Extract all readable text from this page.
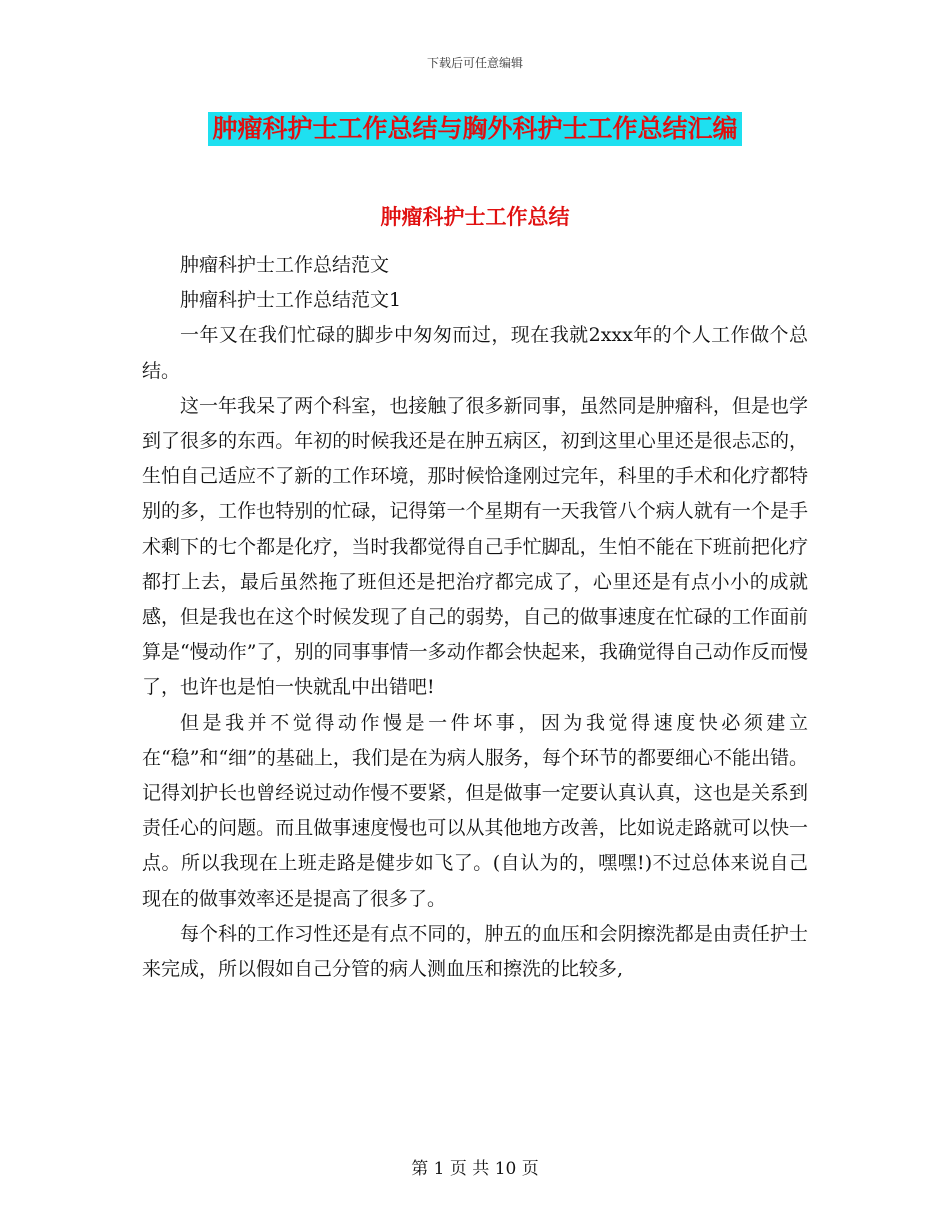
下载后可任意编辑
肿瘤科护士工作总结与胸外科护士工作总结汇编
肿瘤科护士工作总结

肿瘤科护士工作总结范文

肿瘤科护士工作总结范文1

一年又在我们忙碌的脚步中匆匆而过，现在我就2xxx年的个人工作做个总结。

这一年我呆了两个科室，也接触了很多新同事，虽然同是肿瘤科，但是也学到了很多的东西。年初的时候我还是在肿五病区，初到这里心里还是很忐忑的，生怕自己适应不了新的工作环境，那时候恰逢刚过完年，科里的手术和化疗都特别的多，工作也特别的忙碌，记得第一个星期有一天我管八个病人就有一个是手术剩下的七个都是化疗，当时我都觉得自己手忙脚乱，生怕不能在下班前把化疗都打上去，最后虽然拖了班但还是把治疗都完成了，心里还是有点小小的成就感，但是我也在这个时候发现了自己的弱势，自己的做事速度在忙碌的工作面前算是“慢动作”了，别的同事事情一多动作都会快起来，我确觉得自己动作反而慢了，也许也是怕一快就乱中出错吧!

但是我并不觉得动作慢是一件坏事，因为我觉得速度快必须建立在“稳”和“细”的基础上，我们是在为病人服务，每个环节的都要细心不能出错。记得刘护长也曾经说过动作慢不要紧，但是做事一定要认真认真，这也是关系到责任心的问题。而且做事速度慢也可以从其他地方改善，比如说走路就可以快一点。所以我现在上班走路是健步如飞了。(自认为的，嘿嘿!)不过总体来说自己现在的做事效率还是提高了很多了。

每个科的工作习性还是有点不同的，肿五的血压和会阴擦洗都是由责任护士来完成，所以假如自己分管的病人测血压和擦洗的比较多,

第 1 页 共 10 页
